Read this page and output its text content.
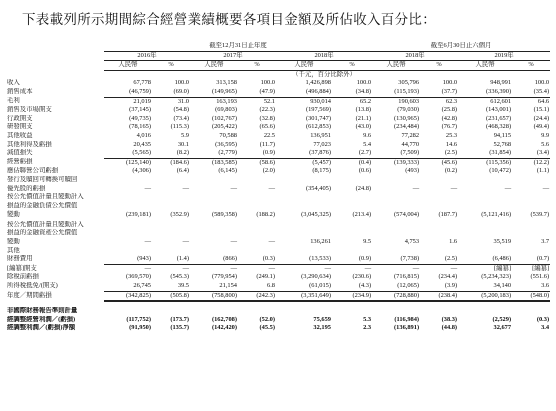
下表載列所示期間綜合經營業績概要各項目金額及所佔收入百分比：
	截至12月31日止年度						截至6月30日止六個月			
	2016年		2017年		2018年		2018年		2019年	
	人民幣	%	人民幣	%	人民幣	%	人民幣	%	人民幣	%
					（千元，百分比除外）					
收入	67,778	100.0	313,158	100.0	1,426,898	100.0	305,796	100.0	948,991	100.0
銷售成本	(46,759)	(69.0)	(149,965)	(47.9)	(496,884)	(34.8)	(115,193)	(37.7)	(336,390)	(35.4)
毛利	21,019	31.0	163,193	52.1	930,014	65.2	190,603	62.3	612,601	64.6
銷售及市場開支	(37,145)	(54.8)	(69,803)	(22.3)	(197,569)	(13.8)	(79,030)	(25.8)	(143,001)	(15.1)
行政開支	(49,735)	(73.4)	(102,767)	(32.8)	(301,747)	(21.1)	(130,965)	(42.8)	(231,657)	(24.4)
研發開支	(78,165)	(115.3)	(205,422)	(65.6)	(612,853)	(43.0)	(234,484)	(76.7)	(468,328)	(49.4)
其他收益	4,016	5.9	70,588	22.5	136,951	9.6	77,282	25.3	94,115	9.9
其他利得及虧損	20,435	30.1	(36,595)	(11.7)	77,023	5.4	44,770	14.6	52,768	5.6
減值損失	(5,565)	(8.2)	(2,779)	(0.9)	(37,876)	(2.7)	(7,509)	(2.5)	(31,854)	(3.4)
經營虧損	(125,140)	(184.6)	(183,585)	(58.6)	(5,457)	(0.4)	(139,333)	(45.6)	(115,356)	(12.2)
應佔聯營公司虧損	(4,306)	(6.4)	(6,145)	(2.0)	(8,175)	(0.6)	(493)	(0.2)	(10,472)	(1.1)
發行及贖回可轉換可贖回										
優先股的虧損	—	—	—	—	(354,405)	(24.8)	—	—	—	—
按公允價值計量且變動計入										
損益的金融負債公允價值										
變動	(239,181)	(352.9)	(589,358)	(188.2)	(3,045,325)	(213.4)	(574,004)	(187.7)	(5,121,416)	(539.7)
按公允價值計量且變動計入										
損益的金融資產公允價值										
變動	—	—	—	—	136,261	9.5	4,753	1.6	35,519	3.7
其他										
財務費用	(943)	(1.4)	(866)	(0.3)	(13,533)	(0.9)	(7,738)	(2.5)	(6,486)	(0.7)
[編纂]開支	—	—	—	—	—	—	—	—	[編纂]	[編纂]
除稅前虧損	(369,570)	(545.3)	(779,954)	(249.1)	(3,290,634)	(230.6)	(716,815)	(234.4)	(5,234,323)	(551.6)
所得稅抵免/(開支)	26,745	39.5	21,154	6.8	(61,015)	(4.3)	(12,065)	(3.9)	34,140	3.6
年度／期間虧損	(342,825)	(505.8)	(758,800)	(242.3)	(3,351,649)	(234.9)	(728,880)	(238.4)	(5,200,183)	(548.0)

非國際財務報告準則計量										
經調整經營利潤／(虧損)	(117,752)	(173.7)	(162,708)	(52.0)	75,659	5.3	(116,984)	(38.3)	(2,529)	(0.3)
經調整利潤／(虧損)淨額	(91,950)	(135.7)	(142,420)	(45.5)	32,195	2.3	(136,891)	(44.8)	32,677	3.4
